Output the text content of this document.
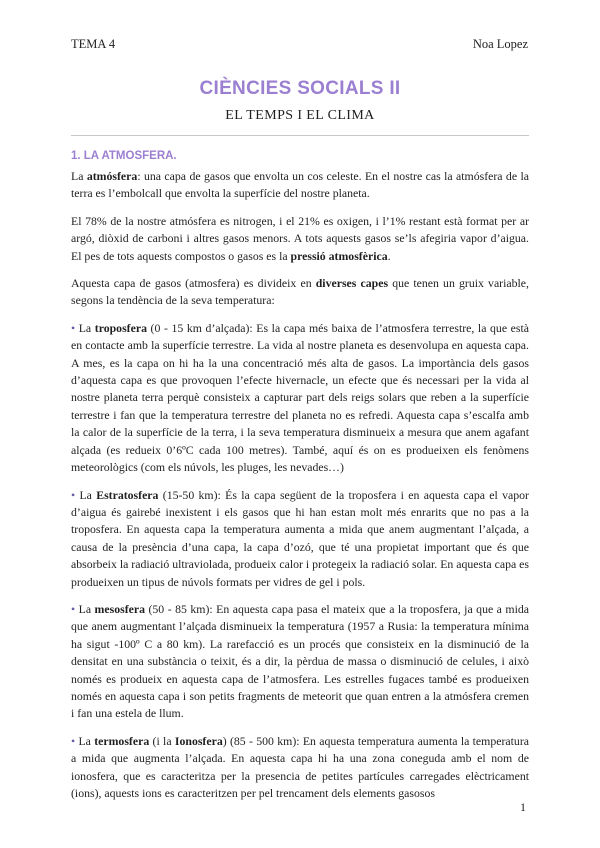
TEMA 4	Noa Lopez
CIÈNCIES SOCIALS II
EL TEMPS I EL CLIMA
1. LA ATMOSFERA.

La atmósfera: una capa de gasos que envolta un cos celeste. En el nostre cas la atmósfera de la terra es l’embolcall que envolta la superfície del nostre planeta.

El 78% de la nostre atmósfera es nitrogen, i el 21% es oxigen, i l’1% restant està format per ar argó, diòxid de carboni i altres gasos menors. A tots aquests gasos se’ls afegiria vapor d’aigua. El pes de tots aquests compostos o gasos es la pressió atmosfèrica.

Aquesta capa de gasos (atmosfera) es divideix en diverses capes que tenen un gruix variable, segons la tendència de la seva temperatura:

• La troposfera (0 - 15 km d’alçada): Es la capa més baixa de l’atmosfera terrestre, la que està en contacte amb la superfície terrestre. La vida al nostre planeta es desenvolupa en aquesta capa. A mes, es la capa on hi ha la una concentració més alta de gasos. La importància dels gasos d’aquesta capa es que provoquen l’efecte hivernacle, un efecte que és necessari per la vida al nostre planeta terra perquè consisteix a capturar part dels reigs solars que reben a la superfície terrestre i fan que la temperatura terrestre del planeta no es refredi. Aquesta capa s’escalfa amb la calor de la superfície de la terra, i la seva temperatura disminueix a mesura que anem agafant alçada (es redueix 0’6ºC cada 100 metres). També, aquí és on es produeixen els fenòmens meteorològics (com els núvols, les pluges, les nevades…)

• La Estratosfera (15-50 km): És la capa següent de la troposfera i en aquesta capa el vapor d’aigua és gairebé inexistent i els gasos que hi han estan molt més enrarits que no pas a la troposfera. En aquesta capa la temperatura aumenta a mida que anem augmentant l’alçada, a causa de la presència d’una capa, la capa d’ozó, que té una propietat important que és que absorbeix la radiació ultraviolada, produeix calor i protegeix la radiació solar. En aquesta capa es produeixen un tipus de núvols formats per vidres de gel i pols.

• La mesosfera (50 - 85 km): En aquesta capa pasa el mateix que a la troposfera, ja que a mida que anem augmentant l’alçada disminueix la temperatura (1957 a Rusia: la temperatura mínima ha sigut -100º C a 80 km). La rarefacció es un procés que consisteix en la disminució de la densitat en una substància o teixit, és a dir, la pèrdua de massa o disminució de celules, i això només es produeix en aquesta capa de l’atmosfera. Les estrelles fugaces també es produeixen només en aquesta capa i son petits fragments de meteorit que quan entren a la atmósfera cremen i fan una estela de llum.

• La termosfera (i la Ionosfera) (85 - 500 km): En aquesta temperatura aumenta la temperatura a mida que augmenta l’alçada. En aquesta capa hi ha una zona coneguda amb el nom de ionosfera, que es caracteritza per la presencia de petites partícules carregades elèctricament (ions), aquests ions es caracteritzen per pel trencament dels elements gasosos

1
